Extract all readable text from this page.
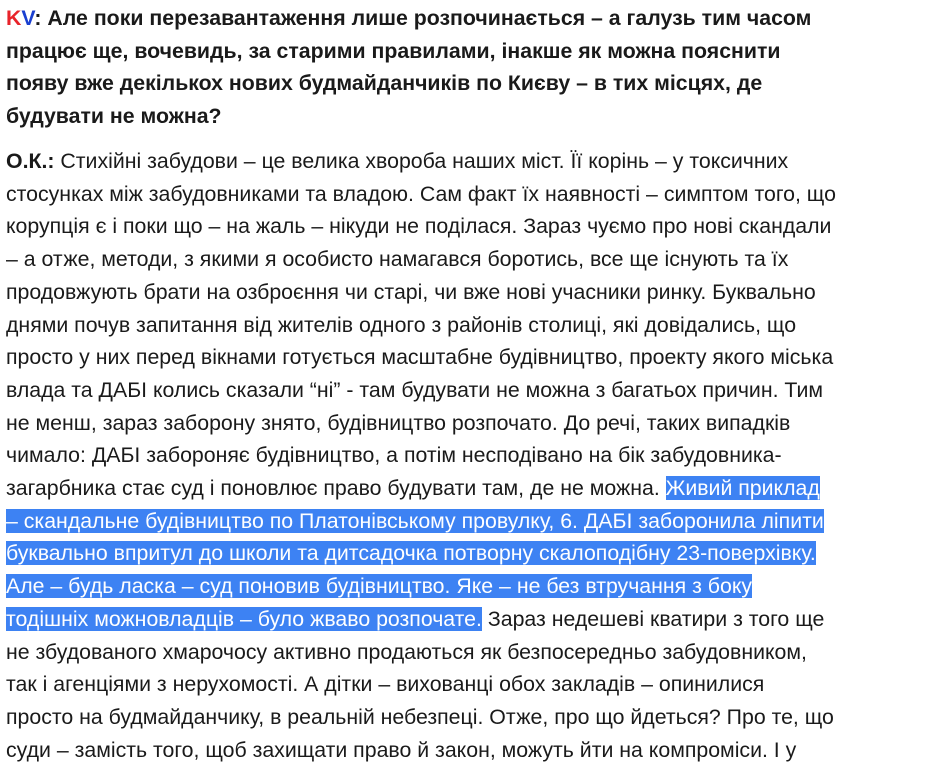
KV: Але поки перезавантаження лише розпочинається – а галузь тим часом
працює ще, вочевидь, за старими правилами, інакше як можна пояснити
появу вже декількох нових будмайданчиків по Києву – в тих місцях, де
будувати не можна?

О.К.: Стихійні забудови – це велика хвороба наших міст. Її корінь – у токсичних
стосунках між забудовниками та владою. Сам факт їх наявності – симптом того, що
корупція є і поки що – на жаль – нікуди не поділася. Зараз чуємо про нові скандали
– а отже, методи, з якими я особисто намагався боротись, все ще існують та їх
продовжують брати на озброєння чи старі, чи вже нові учасники ринку. Буквально
днями почув запитання від жителів одного з районів столиці, які довідались, що
просто у них перед вікнами готується масштабне будівництво, проекту якого міська
влада та ДАБІ колись сказали “ні” - там будувати не можна з багатьох причин. Тим
не менш, зараз заборону знято, будівництво розпочато. До речі, таких випадків
чимало: ДАБІ забороняє будівництво, а потім несподівано на бік забудовника-
загарбника стає суд і поновлює право будувати там, де не можна. Живий приклад
– скандальне будівництво по Платонівському провулку, 6. ДАБІ заборонила ліпити
буквально впритул до школи та дитсадочка потворну скалоподібну 23-поверхівку.
Але – будь ласка – суд поновив будівництво. Яке – не без втручання з боку
тодішніх можновладців – було жваво розпочате. Зараз недешеві кватири з того ще
не збудованого хмарочосу активно продаються як безпосередньо забудовником,
так і агенціями з нерухомості. А дітки – вихованці обох закладів – опинилися
просто на будмайданчику, в реальній небезпеці. Отже, про що йдеться? Про те, що
суди – замість того, щоб захищати право й закон, можуть йти на компроміси. І у
